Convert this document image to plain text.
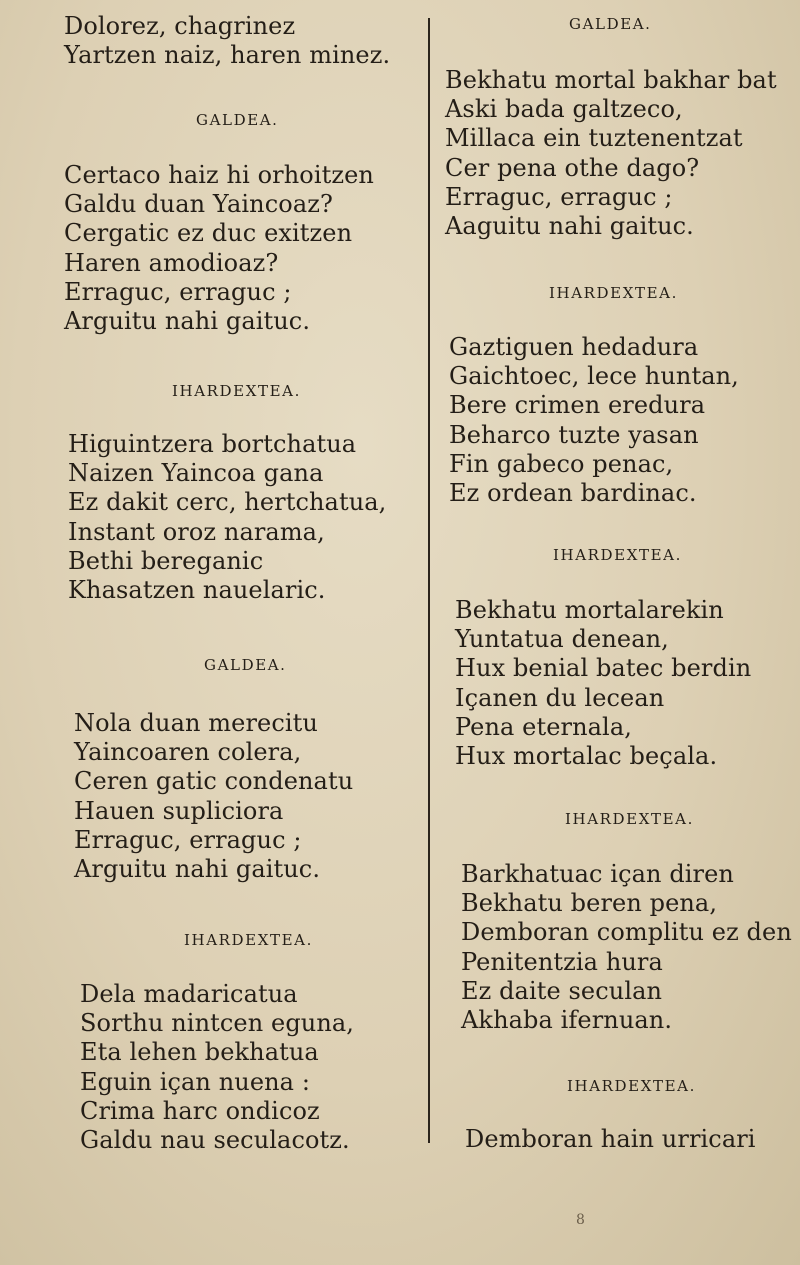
Dolorez, chagrinez
Yartzen naiz, haren minez.
GALDEA.
Certaco haiz hi orhoitzen
Galdu duan Yaincoaz?
Cergatic ez duc exitzen
Haren amodioaz?
Erraguc, erraguc ;
Arguitu nahi gaituc.
IHARDEXTEA.
Higuintzera bortchatua
Naizen Yaincoa gana
Ez dakit cerc, hertchatua,
Instant oroz narama,
Bethi bereganic
Khasatzen nauelaric.
GALDEA.
Nola duan merecitu
Yaincoaren colera,
Ceren gatic condenatu
Hauen supliciora
Erraguc, erraguc ;
Arguitu nahi gaituc.
IHARDEXTEA.
Dela madaricatua
Sorthu nintcen eguna,
Eta lehen bekhatua
Eguin içan nuena :
Crima harc ondicoz
Galdu nau seculacotz.
GALDEA.
Bekhatu mortal bakhar bat
Aski bada galtzeco,
Millaca ein tuztenentzat
Cer pena othe dago?
Erraguc, erraguc ;
Aaguitu nahi gaituc.
IHARDEXTEA.
Gaztiguen hedadura
Gaichtoec, lece huntan,
Bere crimen eredura
Beharco tuzte yasan
Fin gabeco penac,
Ez ordean bardinac.
IHARDEXTEA.
Bekhatu mortalarekin
Yuntatua denean,
Hux benial batec berdin
Içanen du lecean
Pena eternala,
Hux mortalac beçala.
IHARDEXTEA.
Barkhatuac içan diren
Bekhatu beren pena,
Demboran complitu ez den
Penitentzia hura
Ez daite seculan
Akhaba ifernuan.
IHARDEXTEA.
Demboran hain urricari
8
